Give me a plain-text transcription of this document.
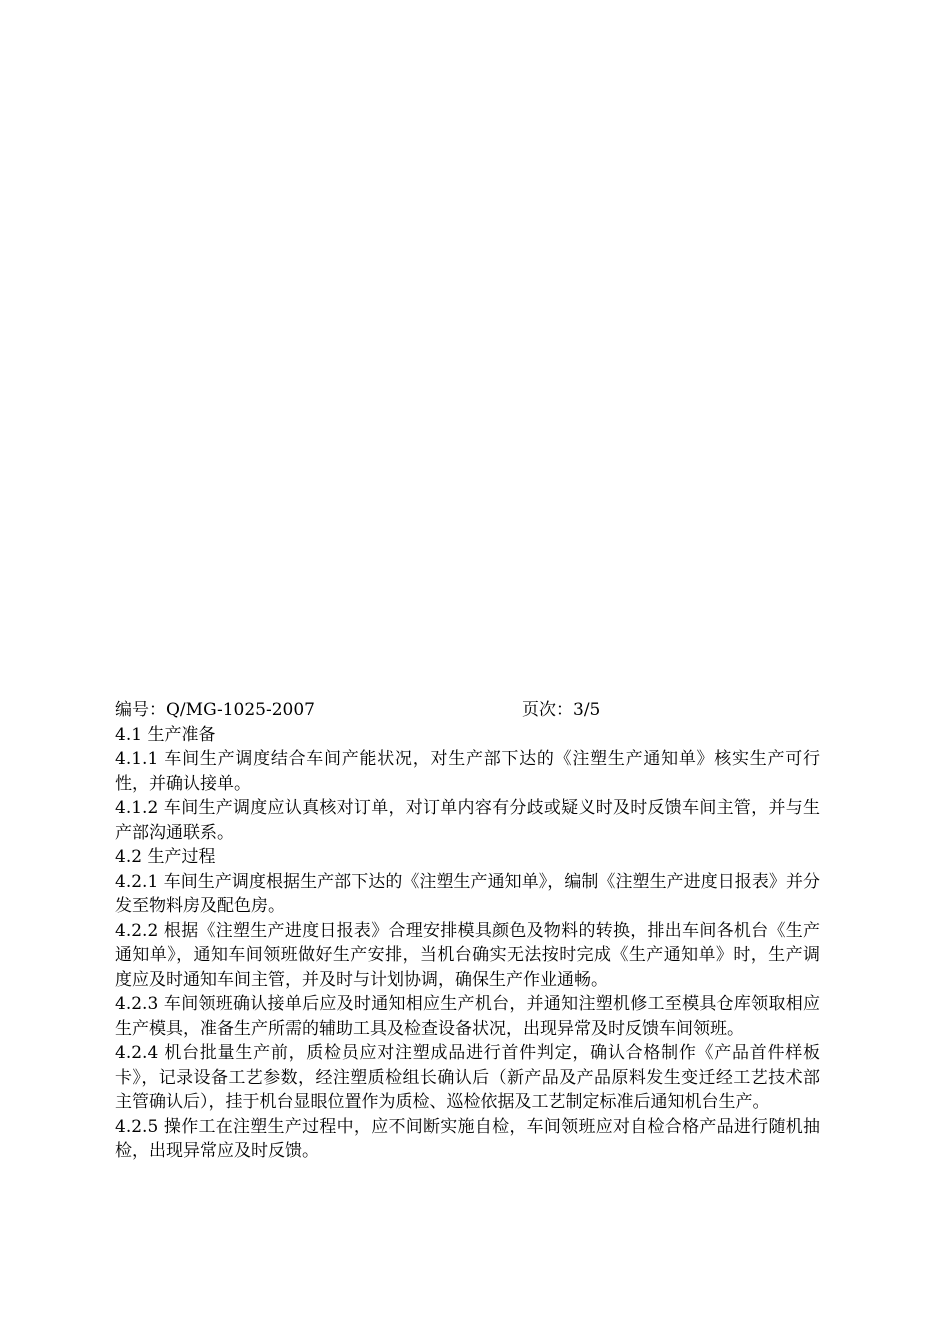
编号：Q/MG-1025-2007	页次：3/5

4.1 生产准备

4.1.1 车间生产调度结合车间产能状况，对生产部下达的《注塑生产通知单》核实生产可行性，并确认接单。

4.1.2 车间生产调度应认真核对订单，对订单内容有分歧或疑义时及时反馈车间主管，并与生产部沟通联系。

4.2 生产过程

4.2.1 车间生产调度根据生产部下达的《注塑生产通知单》，编制《注塑生产进度日报表》并分发至物料房及配色房。

4.2.2 根据《注塑生产进度日报表》合理安排模具颜色及物料的转换，排出车间各机台《生产通知单》，通知车间领班做好生产安排，当机台确实无法按时完成《生产通知单》时，生产调度应及时通知车间主管，并及时与计划协调，确保生产作业通畅。

4.2.3 车间领班确认接单后应及时通知相应生产机台，并通知注塑机修工至模具仓库领取相应生产模具，准备生产所需的辅助工具及检查设备状况，出现异常及时反馈车间领班。

4.2.4 机台批量生产前，质检员应对注塑成品进行首件判定，确认合格制作《产品首件样板卡》，记录设备工艺参数，经注塑质检组长确认后（新产品及产品原料发生变迁经工艺技术部主管确认后），挂于机台显眼位置作为质检、巡检依据及工艺制定标准后通知机台生产。

4.2.5 操作工在注塑生产过程中，应不间断实施自检，车间领班应对自检合格产品进行随机抽检，出现异常应及时反馈。
